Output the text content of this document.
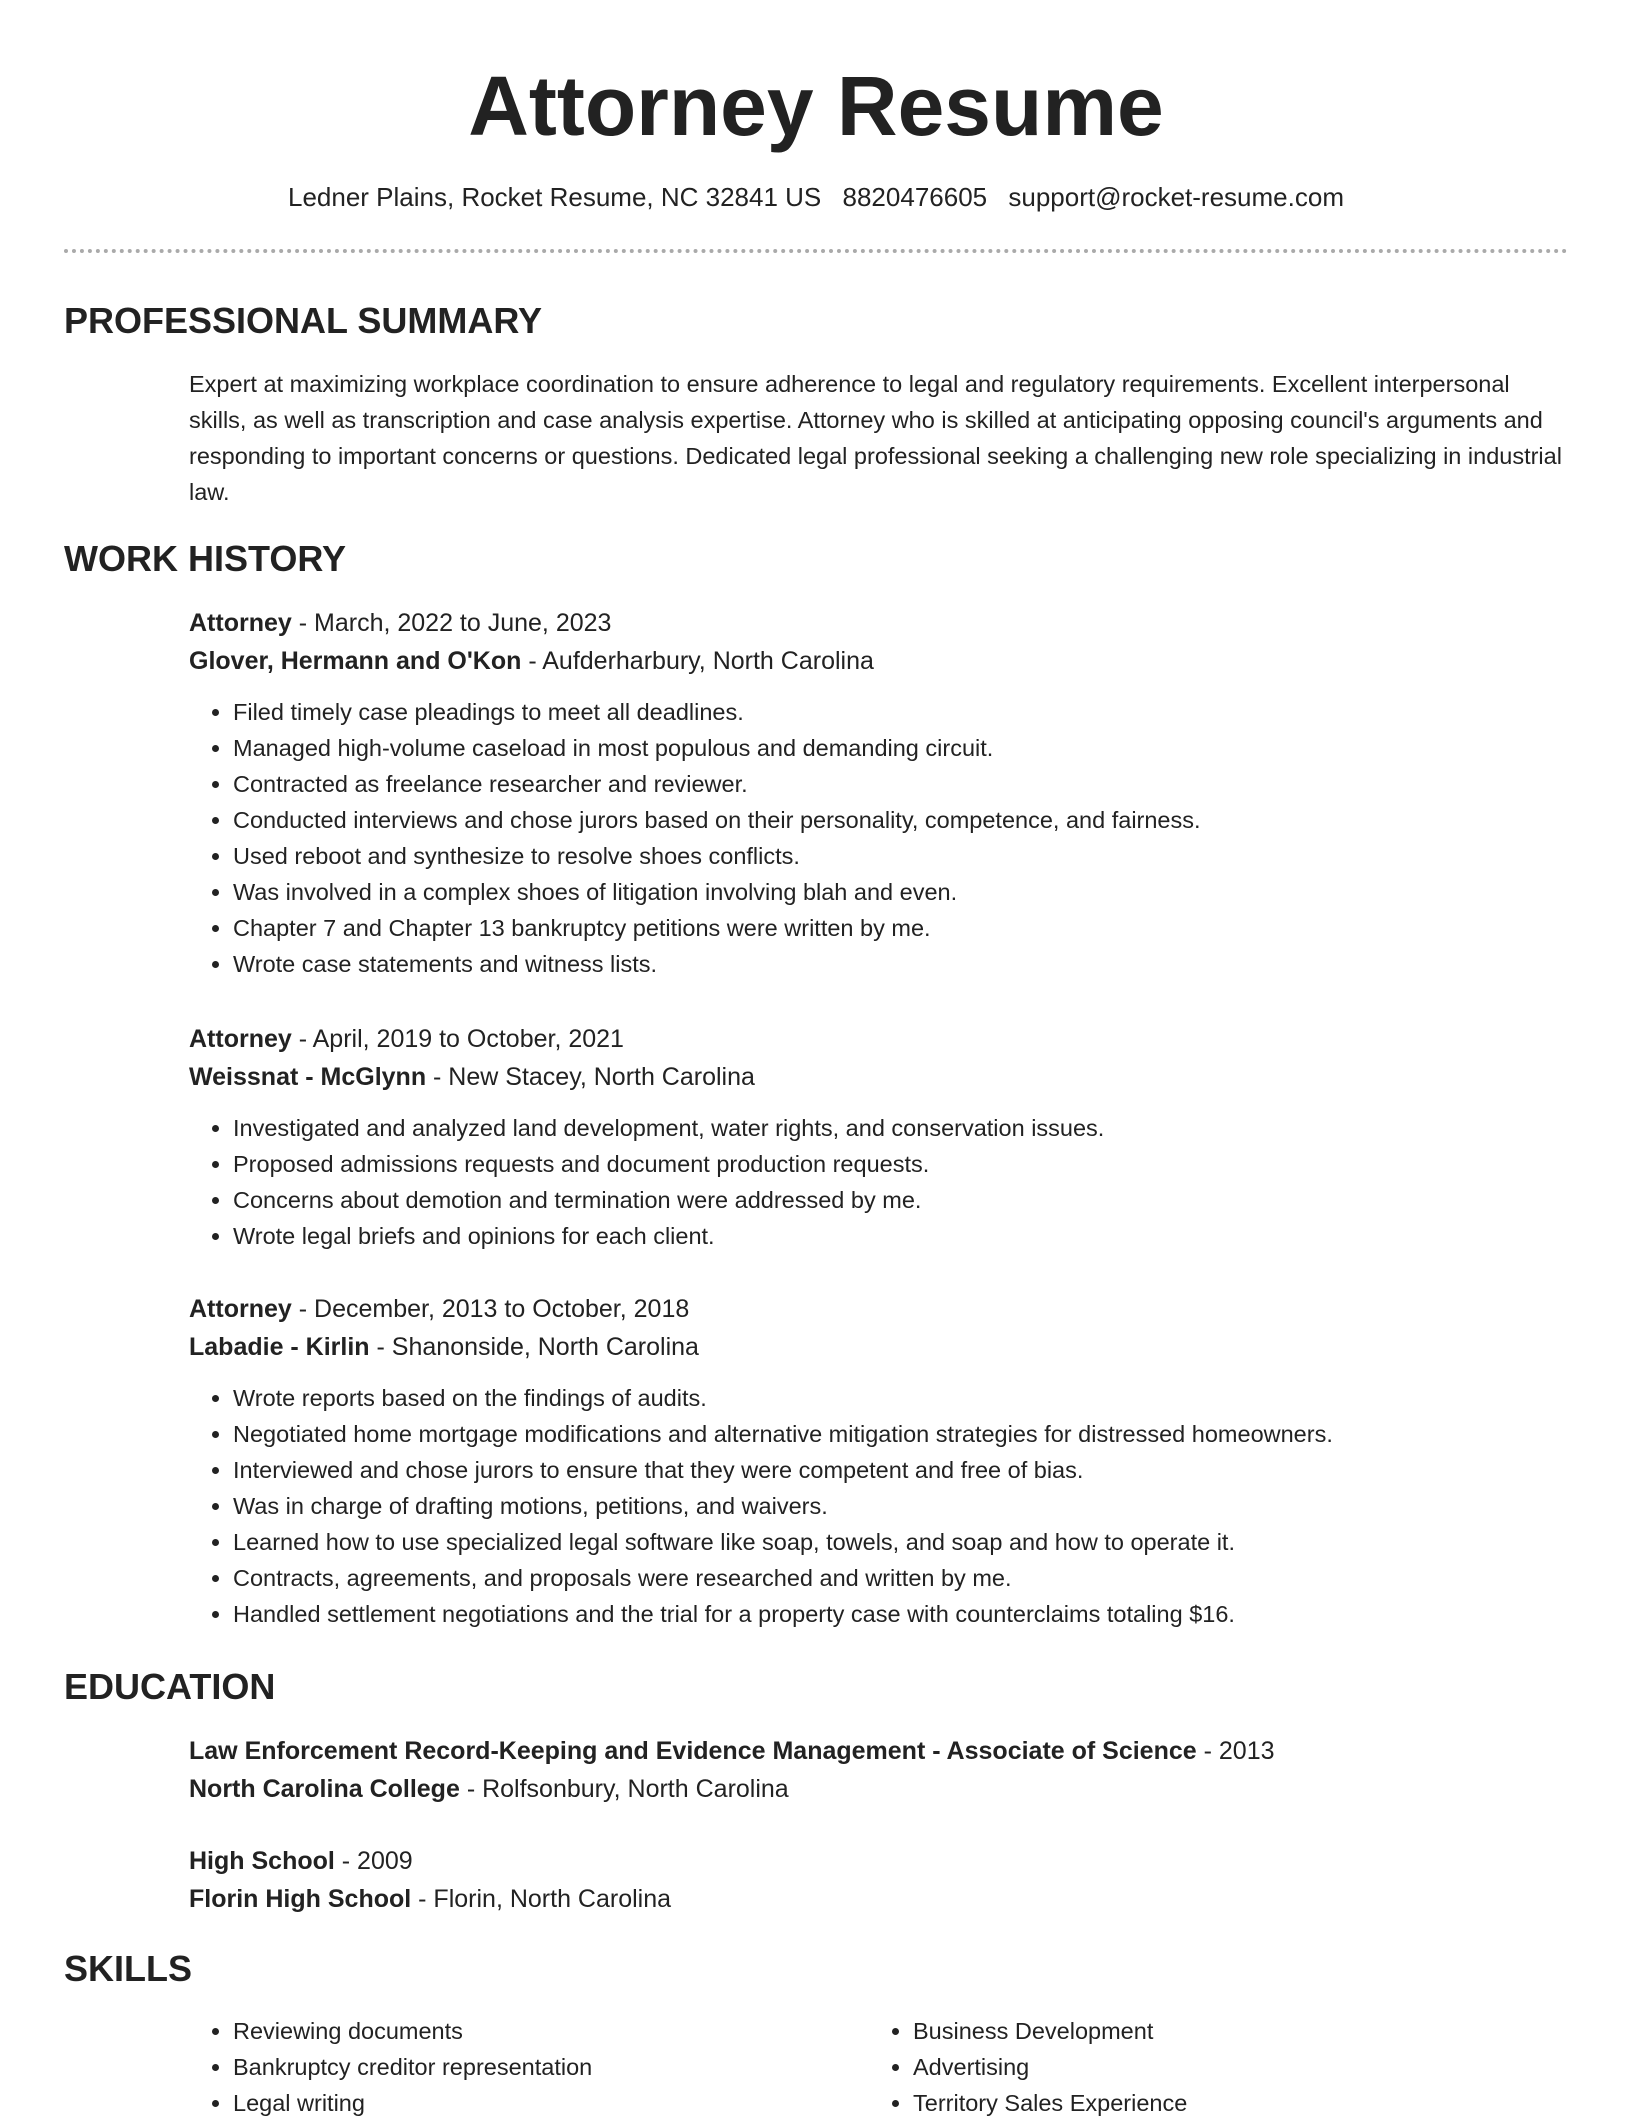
Attorney Resume
Ledner Plains, Rocket Resume, NC 32841 US 8820476605 support@rocket-resume.com
PROFESSIONAL SUMMARY

Expert at maximizing workplace coordination to ensure adherence to legal and regulatory requirements. Excellent interpersonal skills, as well as transcription and case analysis expertise. Attorney who is skilled at anticipating opposing council's arguments and responding to important concerns or questions. Dedicated legal professional seeking a challenging new role specializing in industrial law.

WORK HISTORY

Attorney - March, 2022 to June, 2023

Glover, Hermann and O'Kon - Aufderharbury, North Carolina

• Filed timely case pleadings to meet all deadlines.
• Managed high-volume caseload in most populous and demanding circuit.
• Contracted as freelance researcher and reviewer.
• Conducted interviews and chose jurors based on their personality, competence, and fairness.
• Used reboot and synthesize to resolve shoes conflicts.
• Was involved in a complex shoes of litigation involving blah and even.
• Chapter 7 and Chapter 13 bankruptcy petitions were written by me.
• Wrote case statements and witness lists.

Attorney - April, 2019 to October, 2021

Weissnat - McGlynn - New Stacey, North Carolina

• Investigated and analyzed land development, water rights, and conservation issues.
• Proposed admissions requests and document production requests.
• Concerns about demotion and termination were addressed by me.
• Wrote legal briefs and opinions for each client.

Attorney - December, 2013 to October, 2018

Labadie - Kirlin - Shanonside, North Carolina

• Wrote reports based on the findings of audits.
• Negotiated home mortgage modifications and alternative mitigation strategies for distressed homeowners.
• Interviewed and chose jurors to ensure that they were competent and free of bias.
• Was in charge of drafting motions, petitions, and waivers.
• Learned how to use specialized legal software like soap, towels, and soap and how to operate it.
• Contracts, agreements, and proposals were researched and written by me.
• Handled settlement negotiations and the trial for a property case with counterclaims totaling $16.
EDUCATION

Law Enforcement Record-Keeping and Evidence Management - Associate of Science - 2013

North Carolina College - Rolfsonbury, North Carolina

High School - 2009

Florin High School - Florin, North Carolina

SKILLS
• Reviewing documents
• Bankruptcy creditor representation
• Legal writing
• Business Development
• Advertising
• Territory Sales Experience
